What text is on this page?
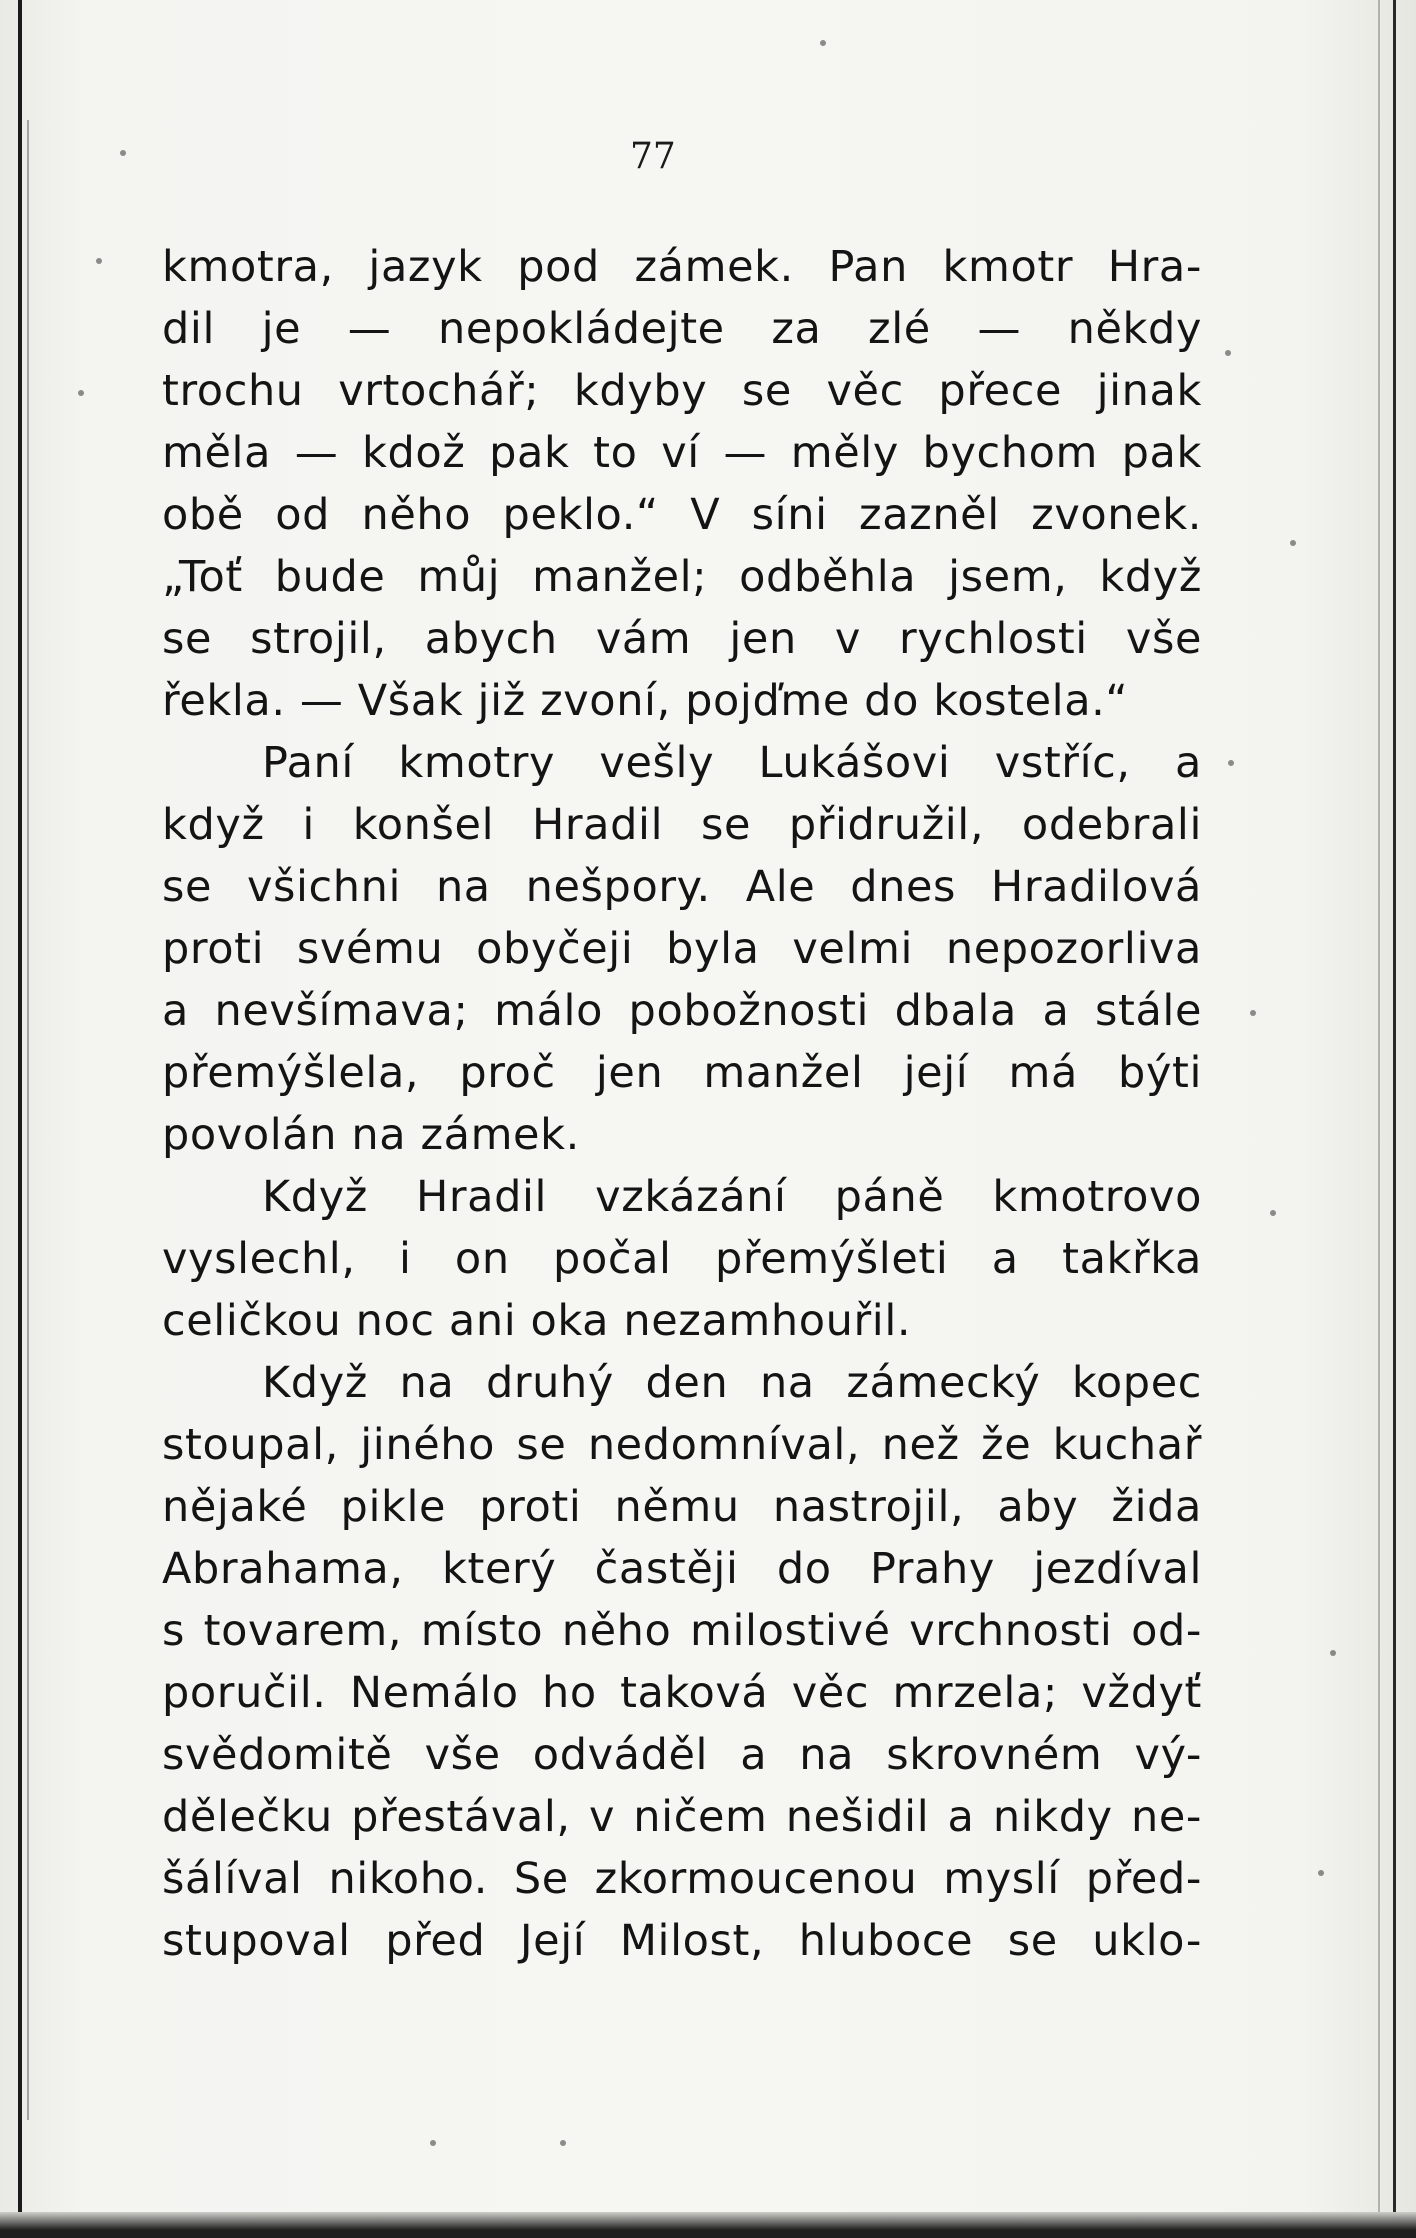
77
kmotra, jazyk pod zámek. Pan kmotr Hra-
dil je — nepokládejte za zlé — někdy
trochu vrtochář; kdyby se věc přece jinak
měla — kdož pak to ví — měly bychom pak
obě od něho peklo.“ V síni zazněl zvonek.
„Toť bude můj manžel; odběhla jsem, když
se strojil, abych vám jen v rychlosti vše
řekla. — Však již zvoní, pojďme do kostela.“
Paní kmotry vešly Lukášovi vstříc, a
když i konšel Hradil se přidružil, odebrali
se všichni na nešpory. Ale dnes Hradilová
proti svému obyčeji byla velmi nepozorliva
a nevšímava; málo pobožnosti dbala a stále
přemýšlela, proč jen manžel její má býti
povolán na zámek.
Když Hradil vzkázání páně kmotrovo
vyslechl, i on počal přemýšleti a takřka
celičkou noc ani oka nezamhouřil.
Když na druhý den na zámecký kopec
stoupal, jiného se nedomníval, než že kuchař
nějaké pikle proti němu nastrojil, aby žida
Abrahama, který častěji do Prahy jezdíval
s tovarem, místo něho milostivé vrchnosti od-
poručil. Nemálo ho taková věc mrzela; vždyť
svědomitě vše odváděl a na skrovném vý-
dělečku přestával, v ničem nešidil a nikdy ne-
šálíval nikoho. Se zkormoucenou myslí před-
stupoval před Její Milost, hluboce se uklo-
